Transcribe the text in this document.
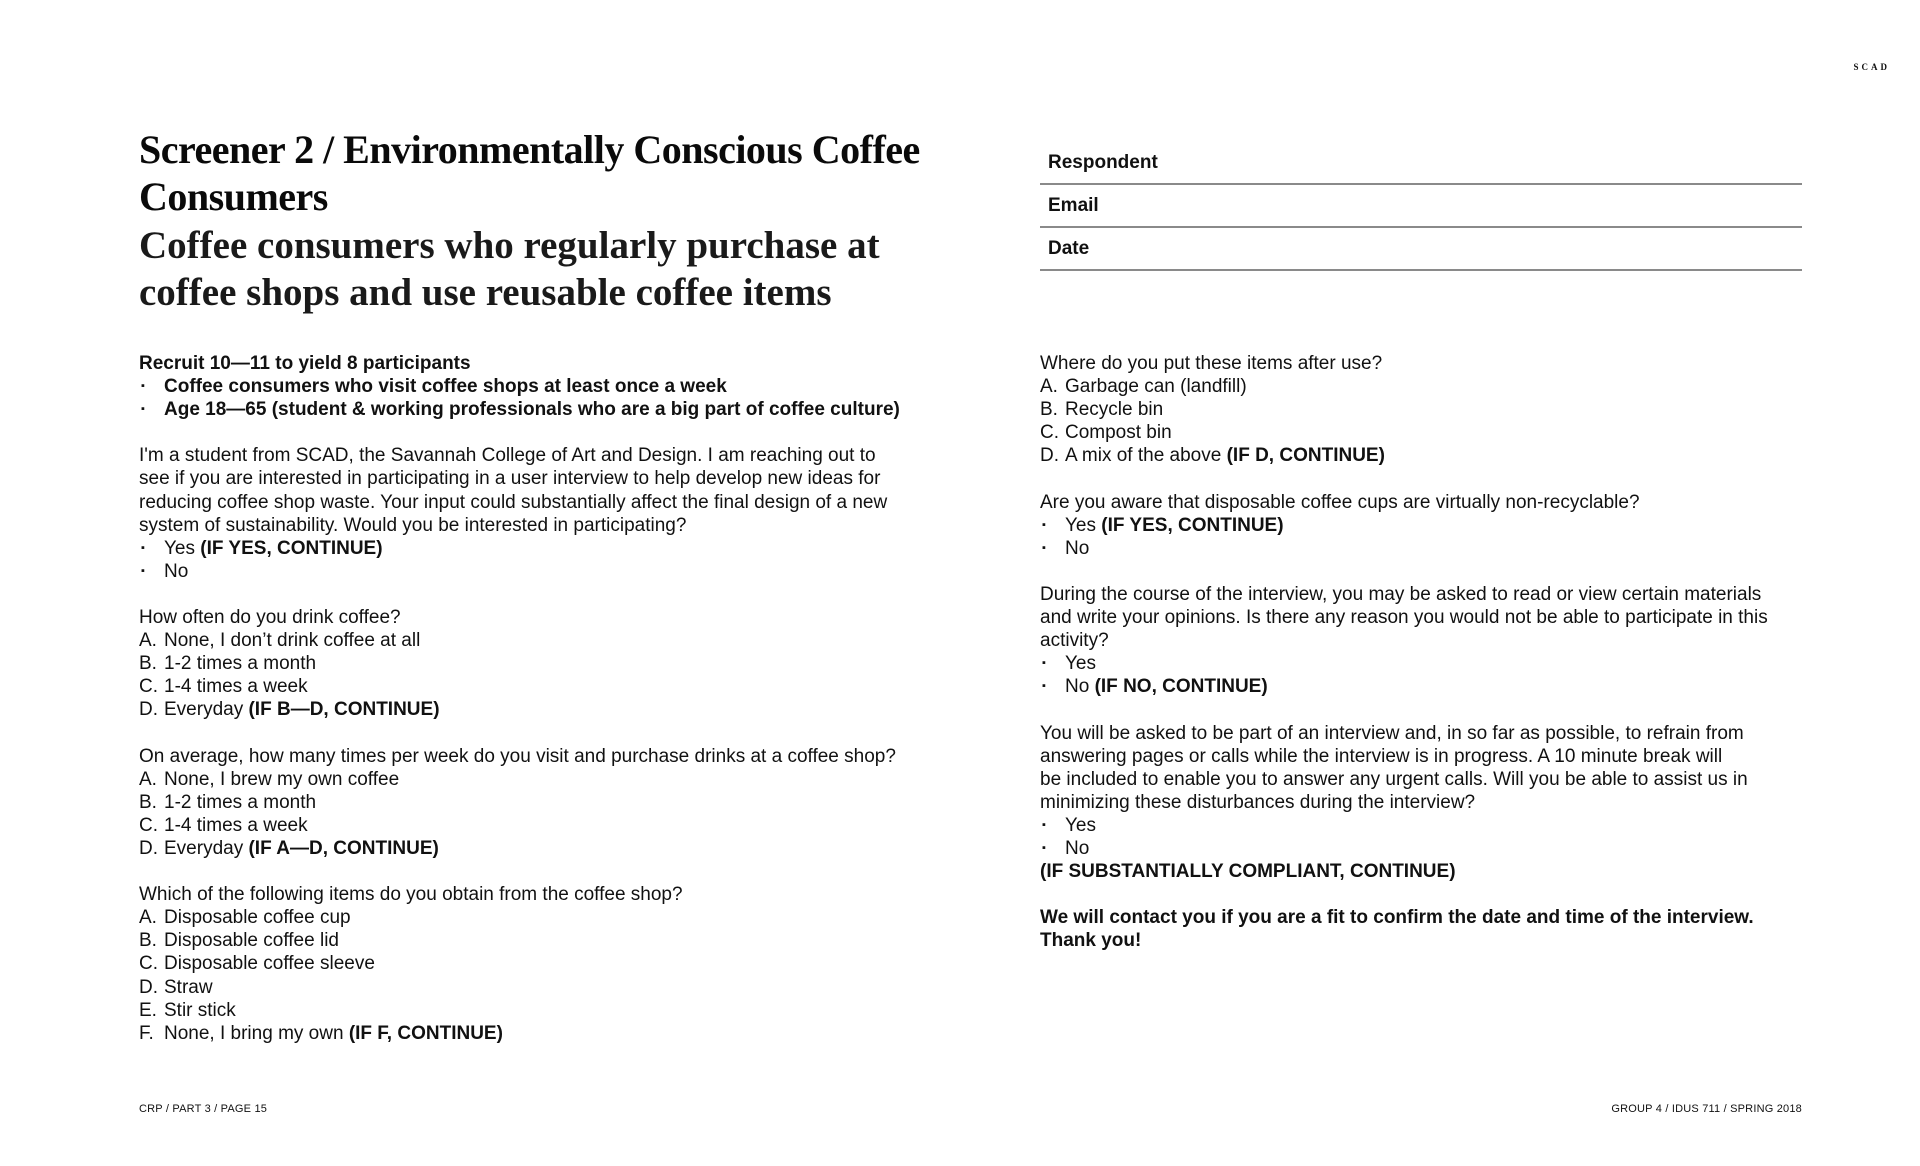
SCAD
Screener 2 / Environmentally Conscious Coffee Consumers
Coffee consumers who regularly purchase at coffee shops and use reusable coffee items
Respondent
Email
Date

Recruit 10—11 to yield 8 participants

▪	Coffee consumers who visit coffee shops at least once a week
▪	Age 18—65 (student & working professionals who are a big part of coffee culture)

I'm a student from SCAD, the Savannah College of Art and Design. I am reaching out to

see if you are interested in participating in a user interview to help develop new ideas for

reducing coffee shop waste. Your input could substantially affect the final design of a new

system of sustainability. Would you be interested in participating?

▪	Yes (IF YES, CONTINUE)
▪	No

How often do you drink coffee?

A. None, I don’t drink coffee at all
B. 1-2 times a month
C. 1-4 times a week
D. Everyday (IF B—D, CONTINUE)

On average, how many times per week do you visit and purchase drinks at a coffee shop?

A. None, I brew my own coffee
B. 1-2 times a month
C. 1-4 times a week
D. Everyday (IF A—D, CONTINUE)

Which of the following items do you obtain from the coffee shop?

A. Disposable coffee cup
B. Disposable coffee lid
C. Disposable coffee sleeve
D. Straw
E. Stir stick
F. None, I bring my own (IF F, CONTINUE)

Where do you put these items after use?

A. Garbage can (landfill)
B. Recycle bin
C. Compost bin
D. A mix of the above (IF D, CONTINUE)

Are you aware that disposable coffee cups are virtually non-recyclable?

▪	Yes (IF YES, CONTINUE)
▪	No

During the course of the interview, you may be asked to read or view certain materials

and write your opinions. Is there any reason you would not be able to participate in this

activity?

▪	Yes
▪	No (IF NO, CONTINUE)

You will be asked to be part of an interview and, in so far as possible, to refrain from

answering pages or calls while the interview is in progress. A 10 minute break will

be included to enable you to answer any urgent calls. Will you be able to assist us in

minimizing these disturbances during the interview?

▪	Yes
▪	No

(IF SUBSTANTIALLY COMPLIANT, CONTINUE)

We will contact you if you are a fit to confirm the date and time of the interview.

Thank you!

CRP / PART 3 / PAGE 15	GROUP 4 / IDUS 711 / SPRING 2018
